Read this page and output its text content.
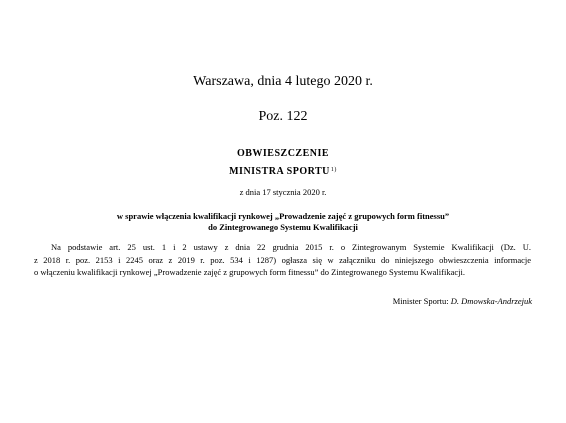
Warszawa, dnia 4 lutego 2020 r.
Poz. 122
OBWIESZCZENIE
MINISTRA SPORTU$^{1)}$
z dnia 17 stycznia 2020 r.
w sprawie włączenia kwalifikacji rynkowej „Prowadzenie zajęć z grupowych form fitnessu”
do Zintegrowanego Systemu Kwalifikacji
Na podstawie art. 25 ust. 1 i 2 ustawy z dnia 22 grudnia 2015 r. o Zintegrowanym Systemie Kwalifikacji (Dz. U.
z 2018 r. poz. 2153 i 2245 oraz z 2019 r. poz. 534 i 1287) ogłasza się w załączniku do niniejszego obwieszczenia informacje
o włączeniu kwalifikacji rynkowej „Prowadzenie zajęć z grupowych form fitnessu” do Zintegrowanego Systemu Kwalifikacji.
Minister Sportu: D. Dmowska-Andrzejuk
